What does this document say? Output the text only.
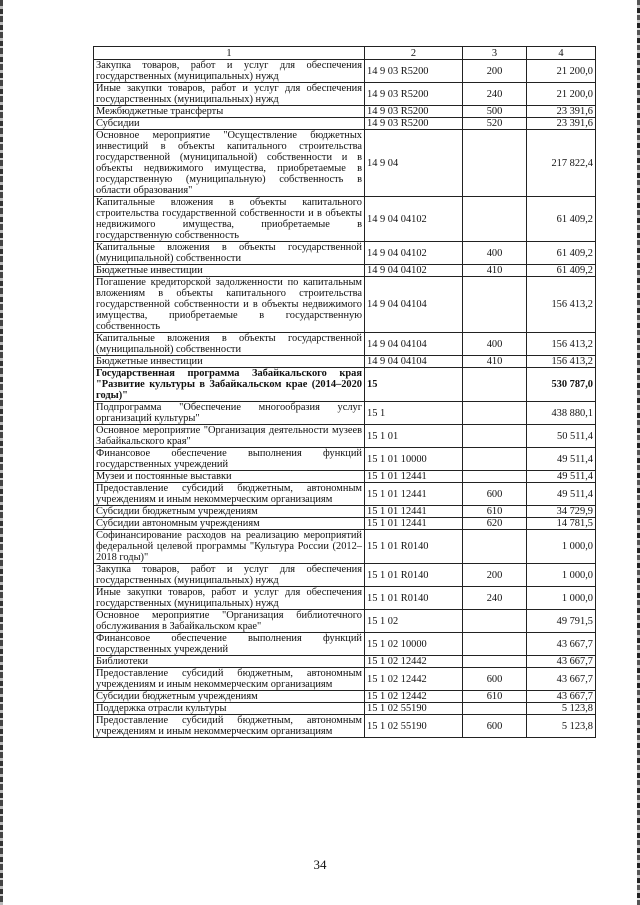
1	2	3	4
Закупка товаров, работ и услуг для обеспечения государственных (муниципальных) нужд	14 9 03 R5200	200	21 200,0
Иные закупки товаров, работ и услуг для обеспечения государственных (муниципальных) нужд	14 9 03 R5200	240	21 200,0
Межбюджетные трансферты	14 9 03 R5200	500	23 391,6
Субсидии	14 9 03 R5200	520	23 391,6
Основное мероприятие "Осуществление бюджетных инвестиций в объекты капитального строительства государственной (муниципальной) собственности и в объекты недвижимого имущества, приобретаемые в государственную (муниципальную) собственность в области образования"	14 9 04		217 822,4
Капитальные вложения в объекты капитального строительства государственной собственности и в объекты недвижимого имущества, приобретаемые в государственную собственность	14 9 04 04102		61 409,2
Капитальные вложения в объекты государственной (муниципальной) собственности	14 9 04 04102	400	61 409,2
Бюджетные инвестиции	14 9 04 04102	410	61 409,2
Погашение кредиторской задолженности по капитальным вложениям в объекты капитального строительства государственной собственности и в объекты недвижимого имущества, приобретаемые в государственную собственность	14 9 04 04104		156 413,2
Капитальные вложения в объекты государственной (муниципальной) собственности	14 9 04 04104	400	156 413,2
Бюджетные инвестиции	14 9 04 04104	410	156 413,2
Государственная программа Забайкальского края "Развитие культуры в Забайкальском крае (2014–2020 годы)"	15		530 787,0
Подпрограмма "Обеспечение многообразия услуг организаций культуры"	15 1		438 880,1
Основное мероприятие "Организация деятельности музеев Забайкальского края"	15 1 01		50 511,4
Финансовое обеспечение выполнения функций государственных учреждений	15 1 01 10000		49 511,4
Музеи и постоянные выставки	15 1 01 12441		49 511,4
Предоставление субсидий бюджетным, автономным учреждениям и иным некоммерческим организациям	15 1 01 12441	600	49 511,4
Субсидии бюджетным учреждениям	15 1 01 12441	610	34 729,9
Субсидии автономным учреждениям	15 1 01 12441	620	14 781,5
Софинансирование расходов на реализацию мероприятий федеральной целевой программы "Культура России (2012–2018 годы)"	15 1 01 R0140		1 000,0
Закупка товаров, работ и услуг для обеспечения государственных (муниципальных) нужд	15 1 01 R0140	200	1 000,0
Иные закупки товаров, работ и услуг для обеспечения государственных (муниципальных) нужд	15 1 01 R0140	240	1 000,0
Основное мероприятие "Организация библиотечного обслуживания в Забайкальском крае"	15 1 02		49 791,5
Финансовое обеспечение выполнения функций государственных учреждений	15 1 02 10000		43 667,7
Библиотеки	15 1 02 12442		43 667,7
Предоставление субсидий бюджетным, автономным учреждениям и иным некоммерческим организациям	15 1 02 12442	600	43 667,7
Субсидии бюджетным учреждениям	15 1 02 12442	610	43 667,7
Поддержка отрасли культуры	15 1 02 55190		5 123,8
Предоставление субсидий бюджетным, автономным учреждениям и иным некоммерческим организациям	15 1 02 55190	600	5 123,8
34
